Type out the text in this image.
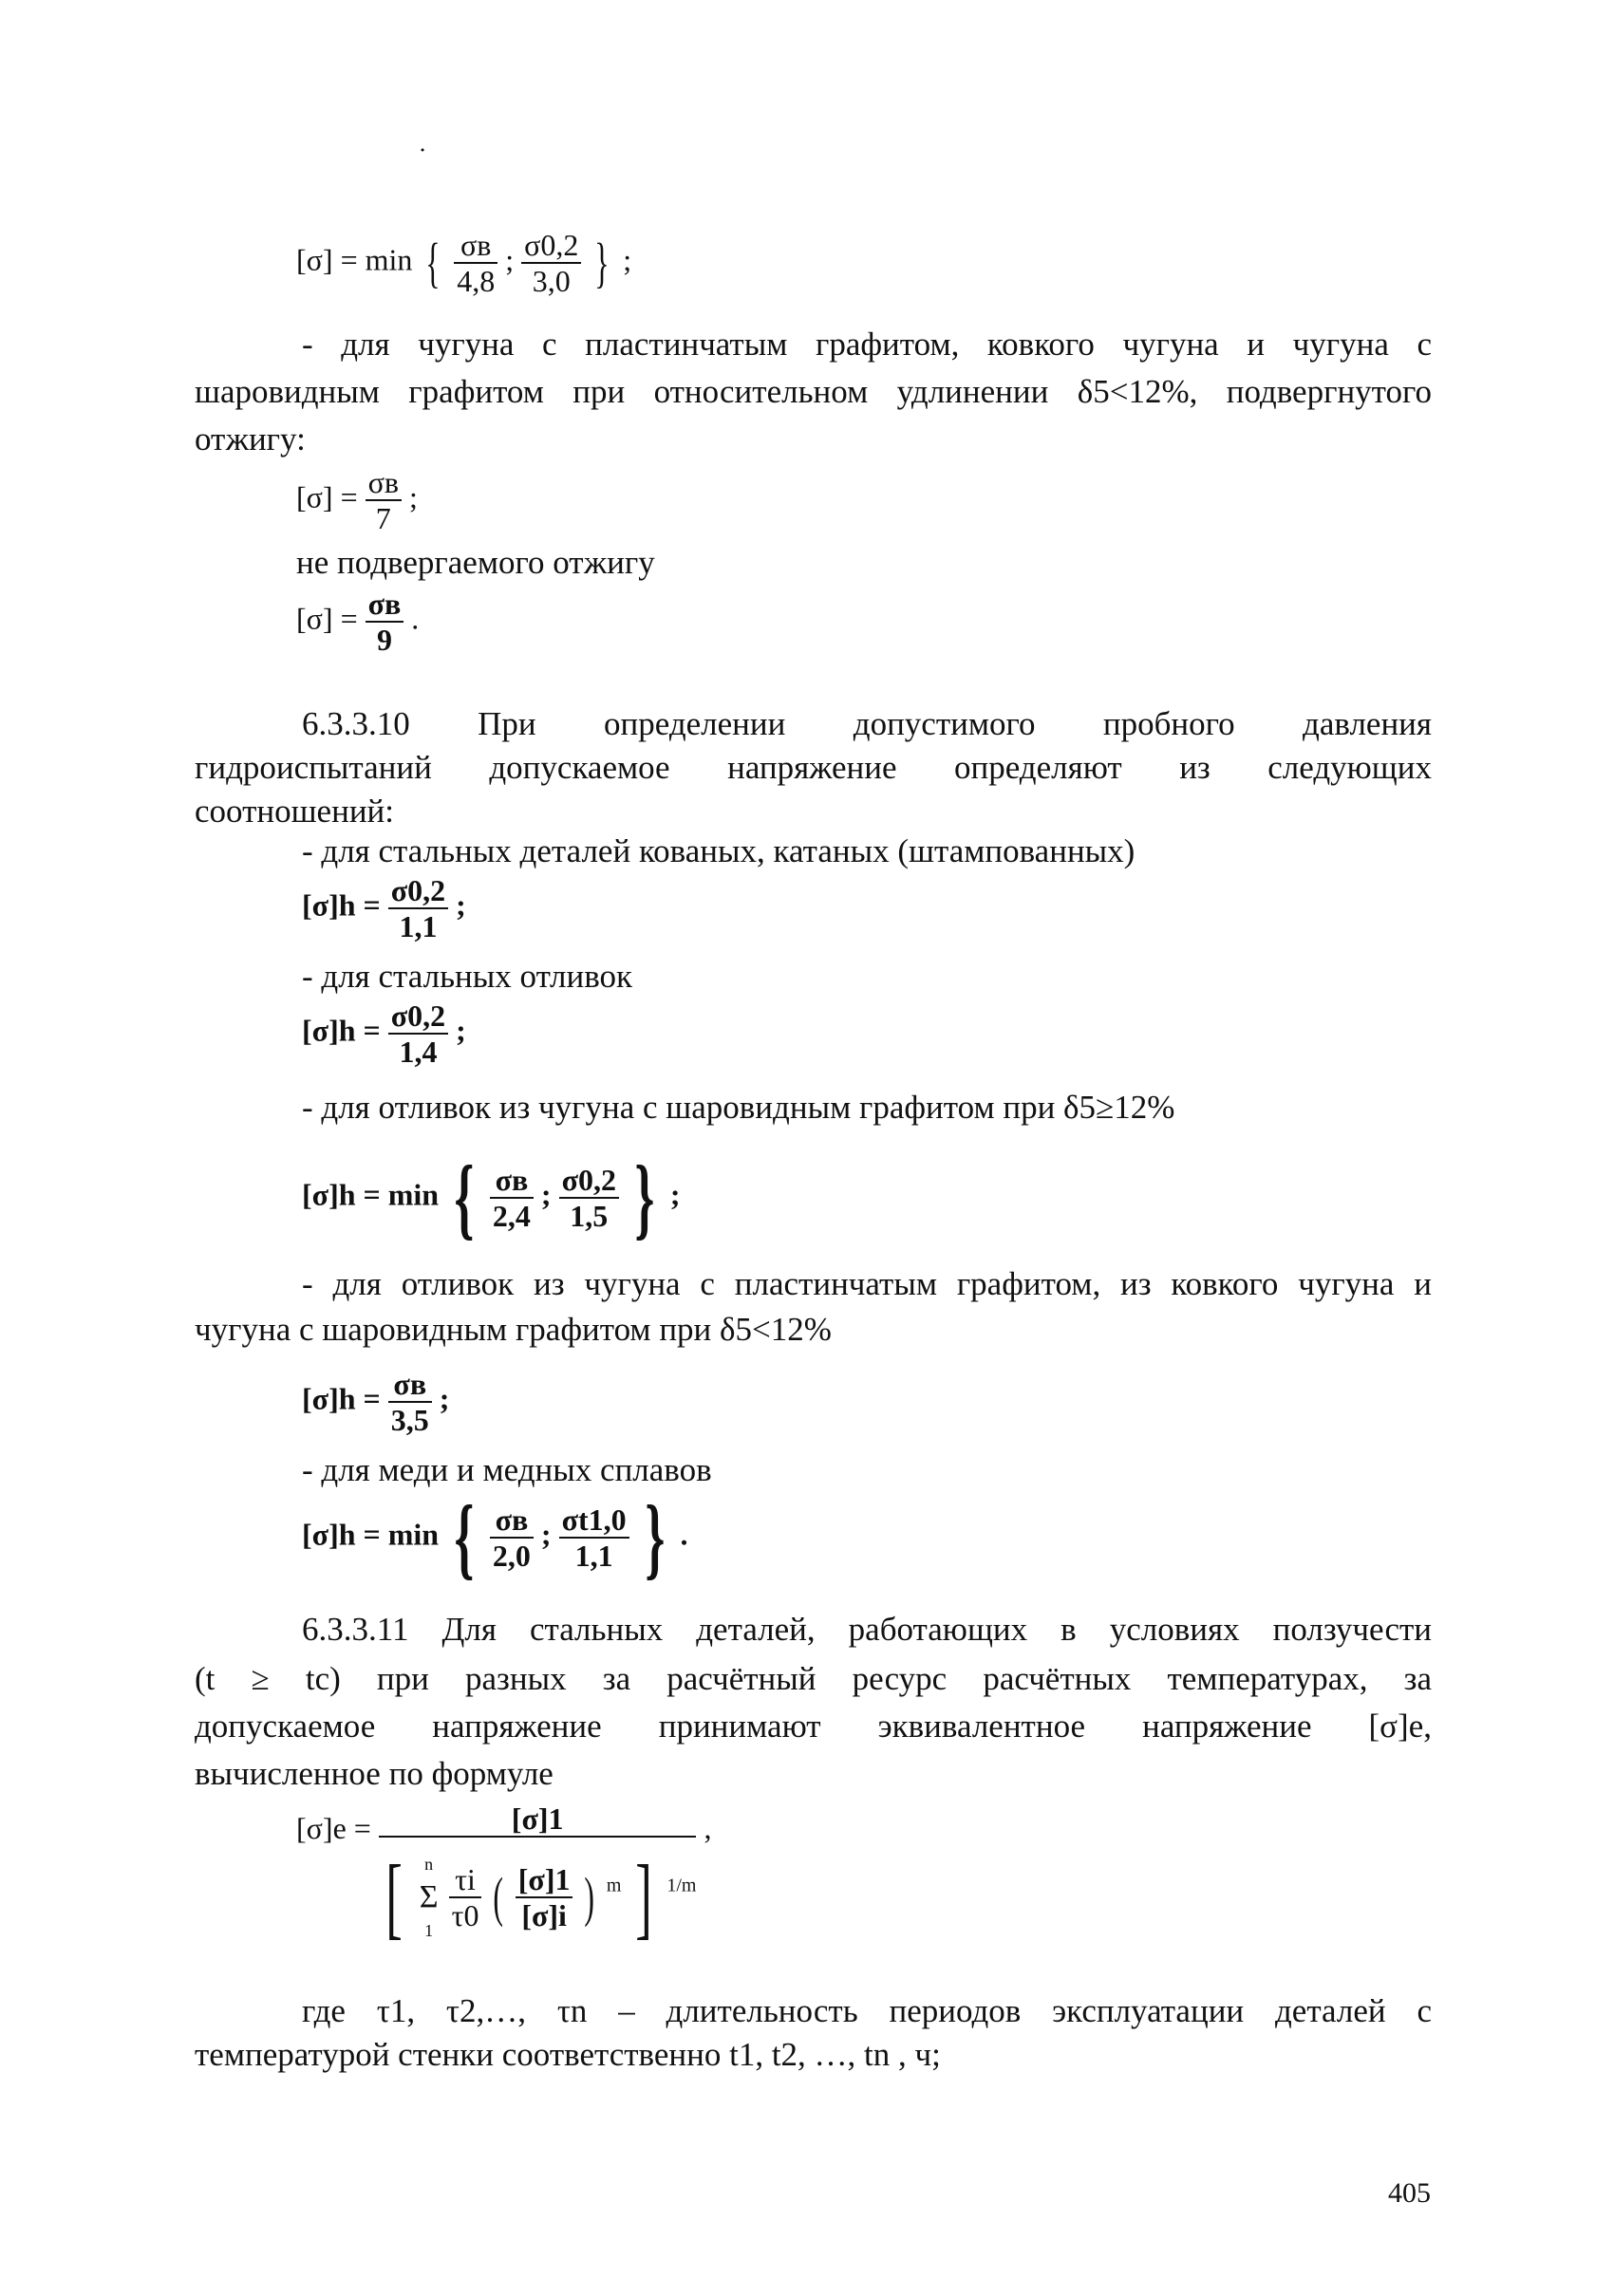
˙
[σ] = min { $\frac{\sigma в}{4,8}$ ; $\frac{\sigma 0,2}{3,0}$ } ;
- для чугуна с пластинчатым графитом, ковкого чугуна и чугуна с
шаровидным графитом при относительном удлинении δ5<12%, подвергнутого
отжигу:
$[\sigma] = \frac{\sigma в}{7}$ ;
не подвергаемого отжигу
$[\sigma] = \frac{\sigma в}{9}$ .
6.3.3.10 При определении допустимого пробного давления
гидроиспытаний допускаемое напряжение определяют из следующих
соотношений:
- для стальных деталей кованых, катаных (штампованных)
$[\sigma]h = \frac{\sigma 0,2}{1,1}$ ;
- для стальных отливок
$[\sigma]h = \frac{\sigma 0,2}{1,4}$ ;
- для отливок из чугуна с шаровидным графитом при δ5≥12%
[σ]h = min { $\frac{\sigma в}{2,4}$ ; $\frac{\sigma 0,2}{1,5}$ } ;
- для отливок из чугуна с пластинчатым графитом, из ковкого чугуна и
чугуна с шаровидным графитом при δ5<12%
$[\sigma]h = \frac{\sigma в}{3,5}$ ;
- для меди и медных сплавов
[σ]h = min { $\frac{\sigma в}{2,0}$ ; $\frac{\sigma t1,0}{1,1}$ } .
6.3.3.11 Для стальных деталей, работающих в условиях ползучести
(t ≥ tс) при разных за расчётный ресурс расчётных температурах, за
допускаемое напряжение принимают эквивалентное напряжение [σ]е,
вычисленное по формуле
[σ]е =	[σ]1
[	n
Σ
1
$\frac{\tau i}{\tau 0}$ ( $\frac{[\sigma]1}{[\sigma]i}$ ) $^m$ ] $^{1/m}$
,
где τ1, τ2,…, τn – длительность периодов эксплуатации деталей с
температурой стенки соответственно t1, t2, …, tn , ч;
405
